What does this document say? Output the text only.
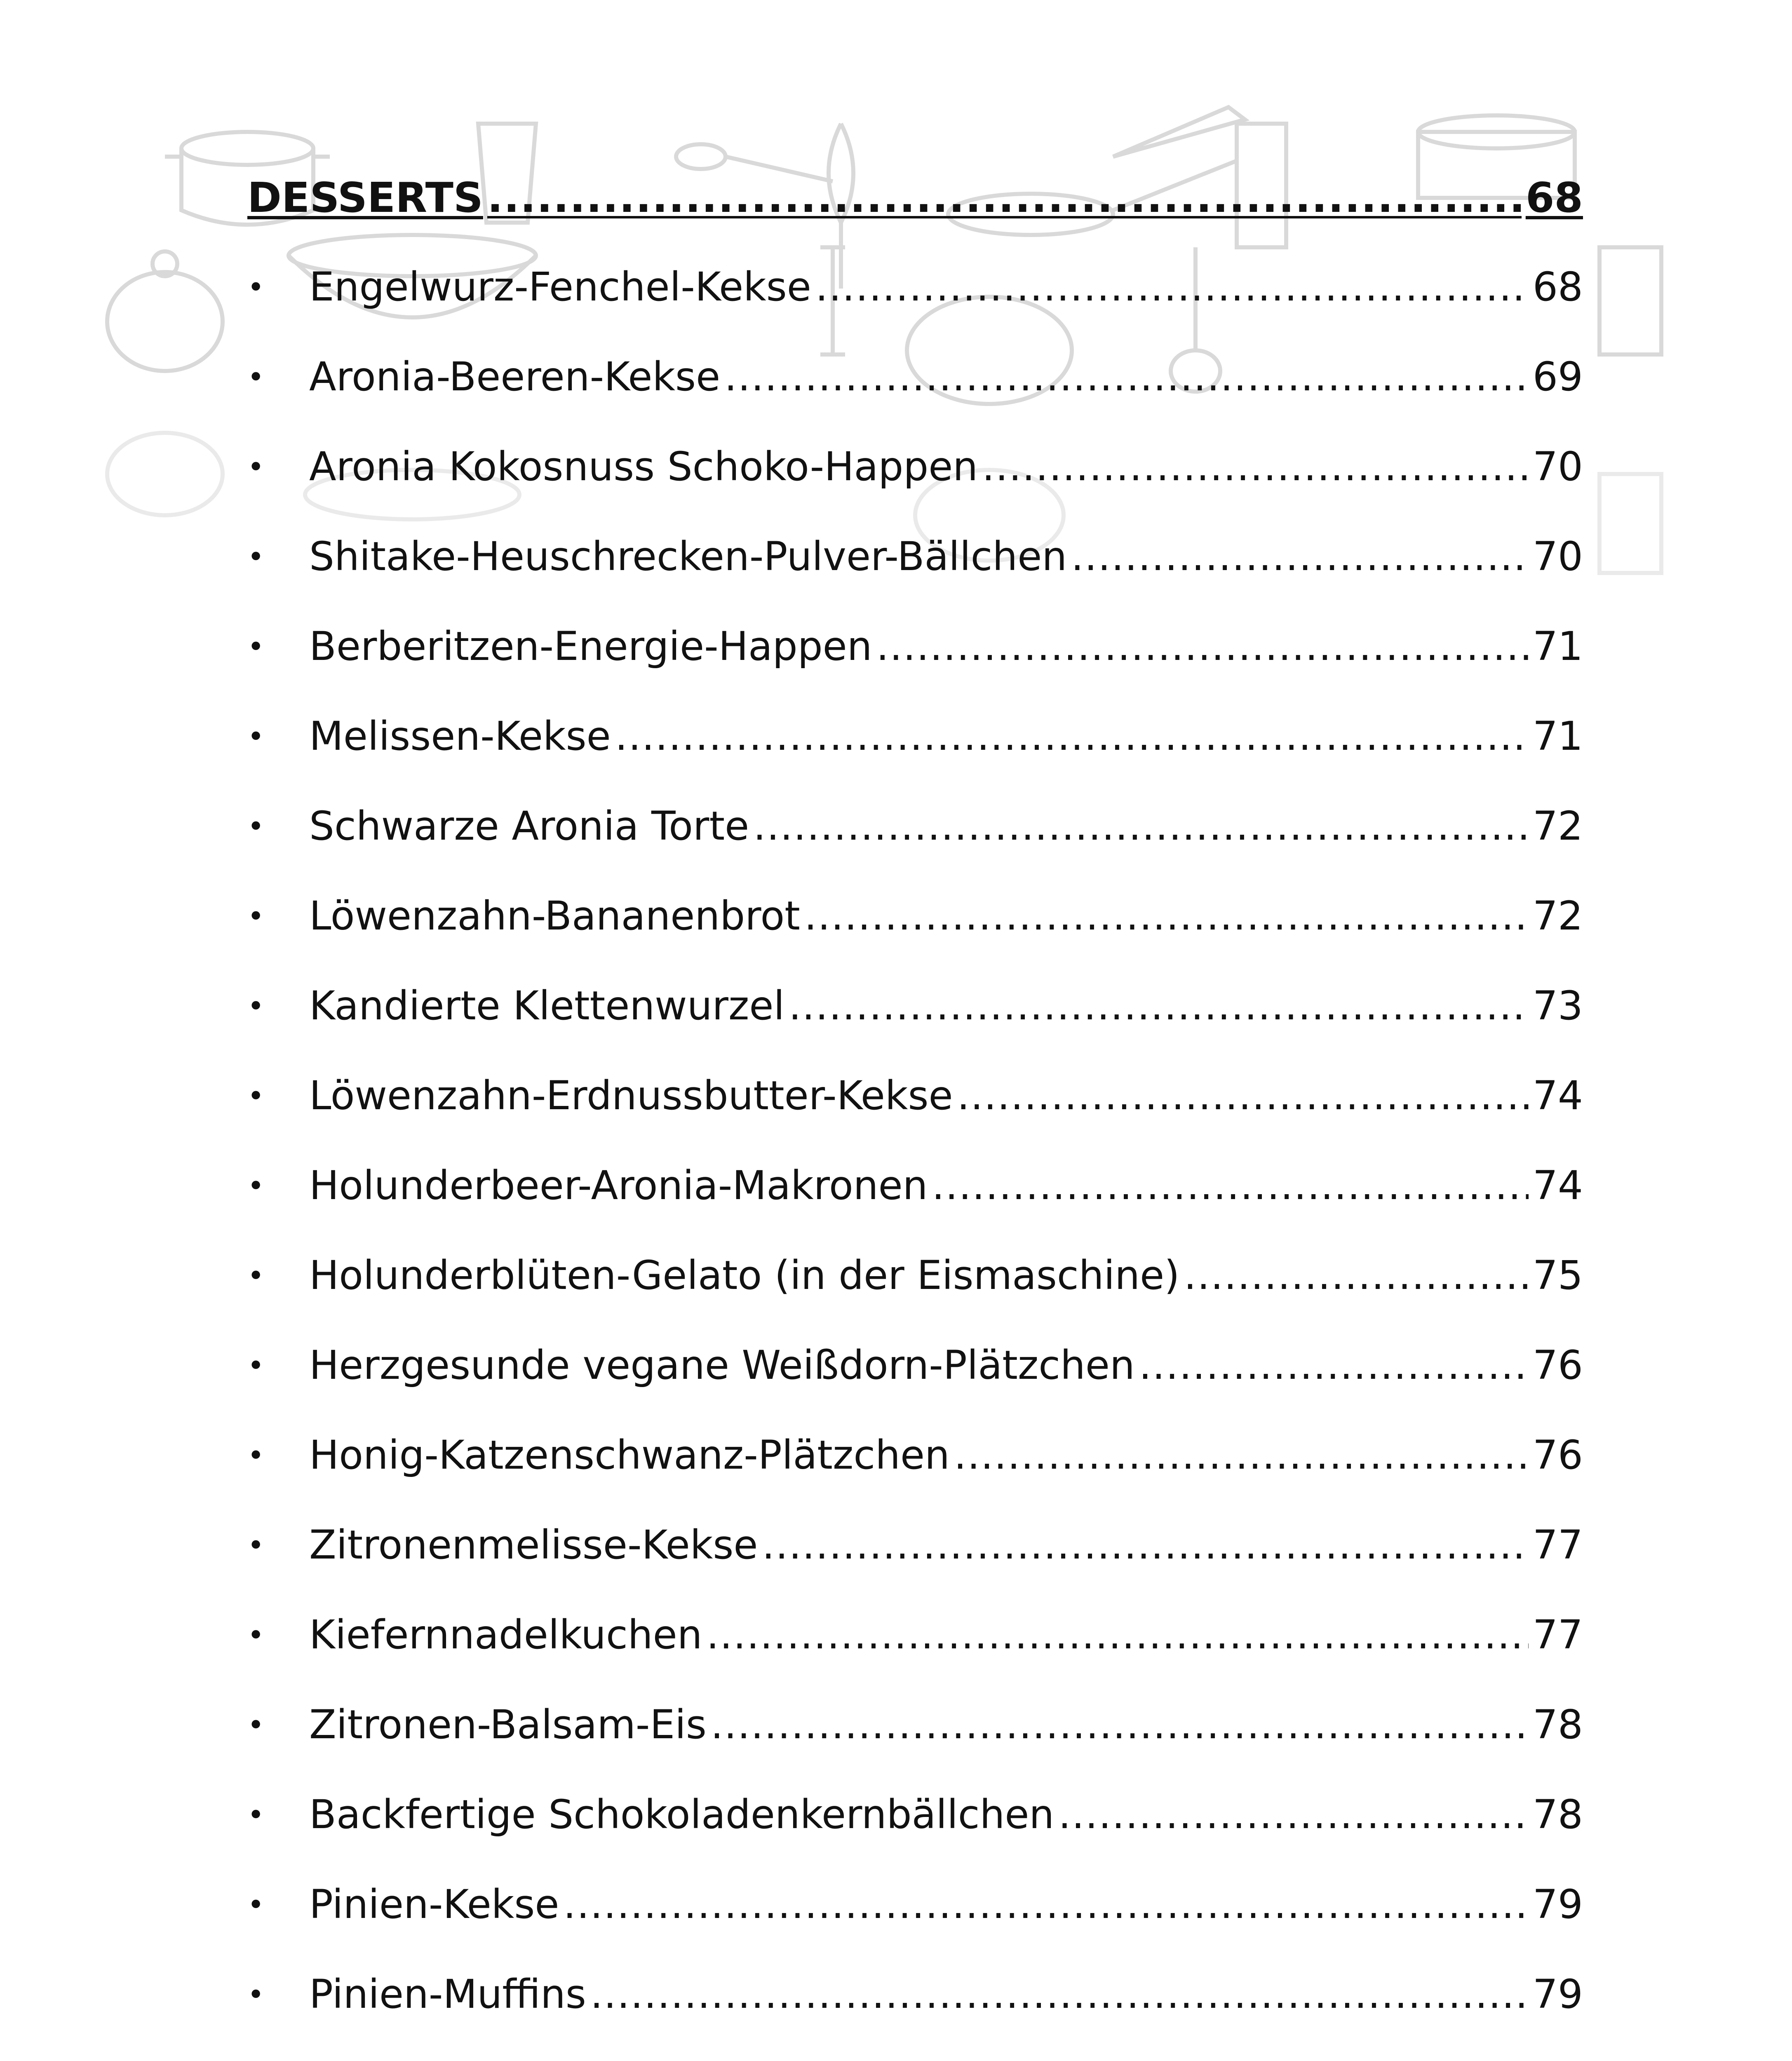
DESSERTS .....	68
•	Engelwurz-Fenchel-Kekse .....	68
•	Aronia-Beeren-Kekse .....	69
•	Aronia Kokosnuss Schoko-Happen .....	70
•	Shitake-Heuschrecken-Pulver-Bällchen .....	70
•	Berberitzen-Energie-Happen .....	71
•	Melissen-Kekse .....	71
•	Schwarze Aronia Torte .....	72
•	Löwenzahn-Bananenbrot .....	72
•	Kandierte Klettenwurzel .....	73
•	Löwenzahn-Erdnussbutter-Kekse .....	74
•	Holunderbeer-Aronia-Makronen .....	74
•	Holunderblüten-Gelato (in der Eismaschine) .....	75
•	Herzgesunde vegane Weißdorn-Plätzchen .....	76
•	Honig-Katzenschwanz-Plätzchen .....	76
•	Zitronenmelisse-Kekse .....	77
•	Kiefernnadelkuchen .....	77
•	Zitronen-Balsam-Eis .....	78
•	Backfertige Schokoladenkernbällchen .....	78
•	Pinien-Kekse .....	79
•	Pinien-Muffins .....	79
